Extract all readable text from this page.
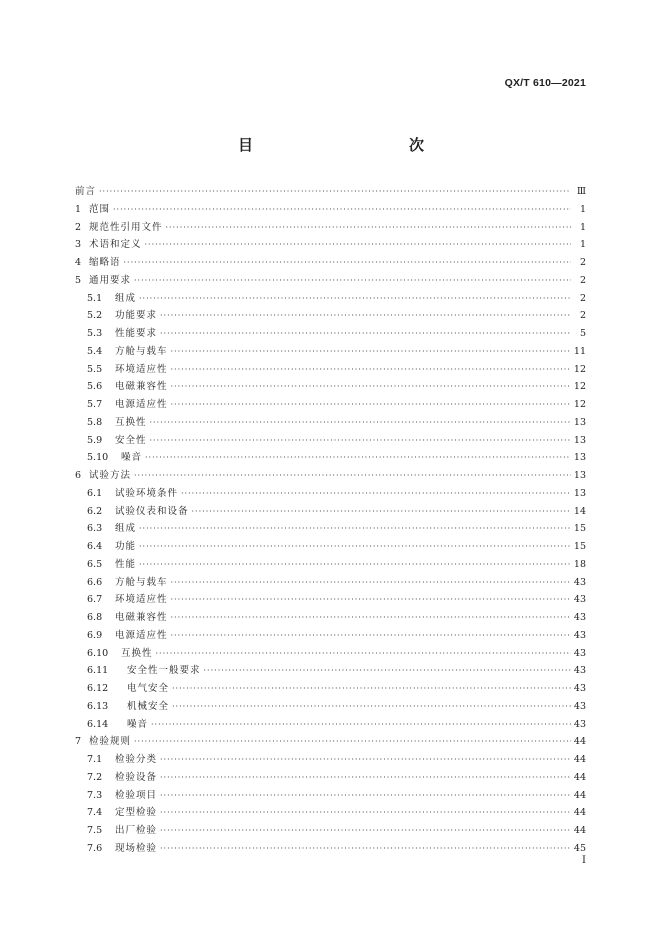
QX/T 610—2021
目　　次
前言 ·····	Ⅲ
1 范围 ·····	1
2 规范性引用文件 ·····	1
3 术语和定义 ·····	1
4 缩略语 ·····	2
5 通用要求 ·····	2
5.1	组成 ·····	2
5.2	功能要求 ·····	2
5.3	性能要求 ·····	5
5.4	方舱与载车 ·····	11
5.5	环境适应性 ·····	12
5.6	电磁兼容性 ·····	12
5.7	电源适应性 ·····	12
5.8	互换性 ·····	13
5.9	安全性 ·····	13
5.10	噪音 ·····	13
6 试验方法 ·····	13
6.1	试验环境条件 ·····	13
6.2	试验仪表和设备 ·····	14
6.3	组成 ·····	15
6.4	功能 ·····	15
6.5	性能 ·····	18
6.6	方舱与载车 ·····	43
6.7	环境适应性 ·····	43
6.8	电磁兼容性 ·····	43
6.9	电源适应性 ·····	43
6.10	互换性 ·····	43
6.11	安全性一般要求 ·····	43
6.12	电气安全 ·····	43
6.13	机械安全 ·····	43
6.14	噪音 ·····	43
7 检验规则 ·····	44
7.1	检验分类 ·····	44
7.2	检验设备 ·····	44
7.3	检验项目 ·····	44
7.4	定型检验 ·····	44
7.5	出厂检验 ·····	44
7.6	现场检验 ·····	45
Ⅰ
